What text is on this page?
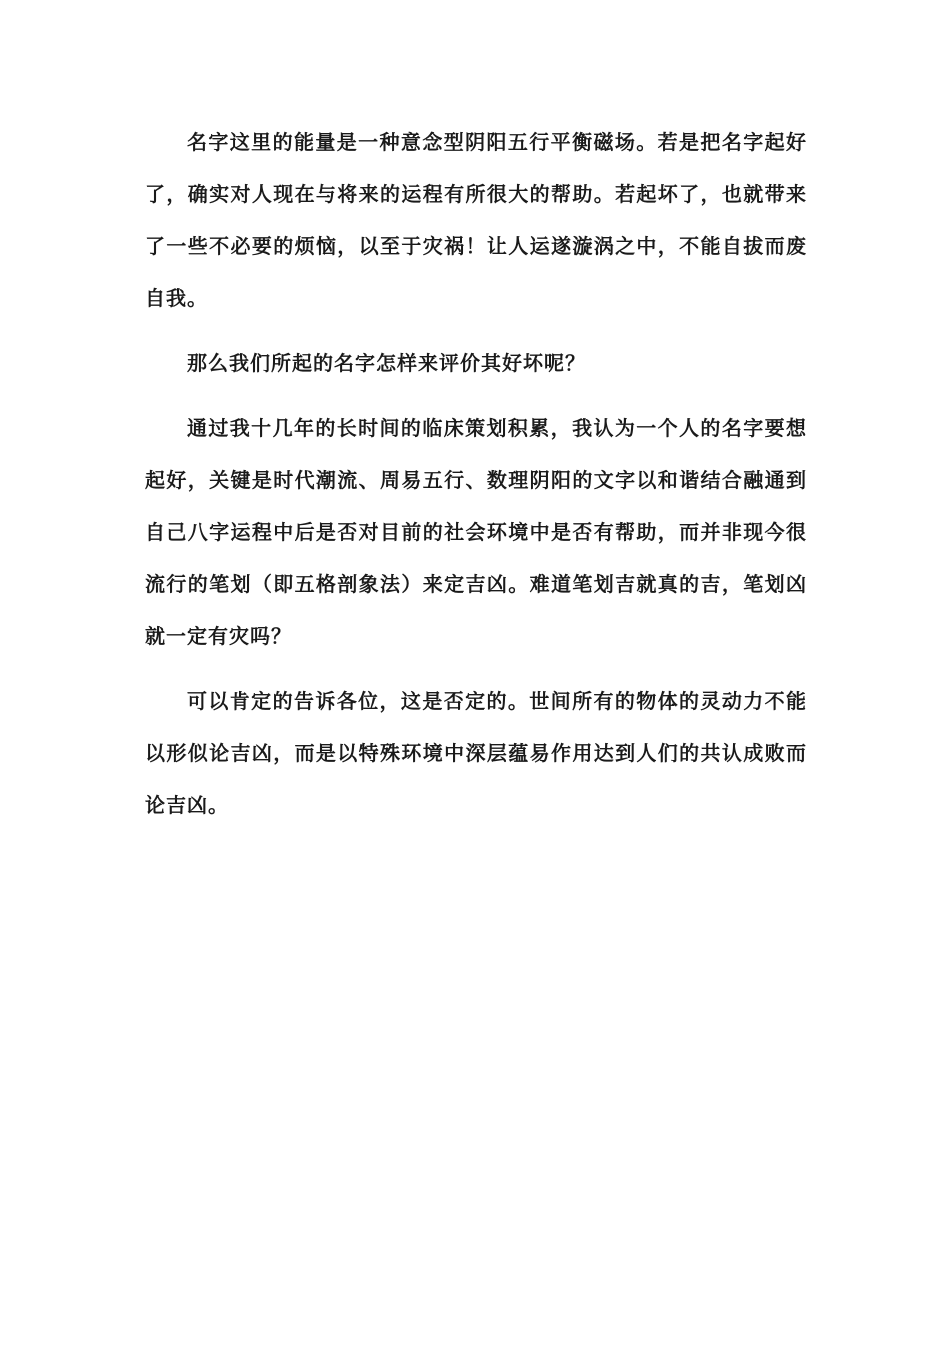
名字这里的能量是一种意念型阴阳五行平衡磁场。若是把名字起好了，确实对人现在与将来的运程有所很大的帮助。若起坏了，也就带来了一些不必要的烦恼，以至于灾祸！让人运遂漩涡之中，不能自拔而废自我。

那么我们所起的名字怎样来评价其好坏呢？

通过我十几年的长时间的临床策划积累，我认为一个人的名字要想起好，关键是时代潮流、周易五行、数理阴阳的文字以和谐结合融通到自己八字运程中后是否对目前的社会环境中是否有帮助，而并非现今很流行的笔划（即五格剖象法）来定吉凶。难道笔划吉就真的吉，笔划凶就一定有灾吗？

可以肯定的告诉各位，这是否定的。世间所有的物体的灵动力不能以形似论吉凶，而是以特殊环境中深层蕴易作用达到人们的共认成败而论吉凶。
